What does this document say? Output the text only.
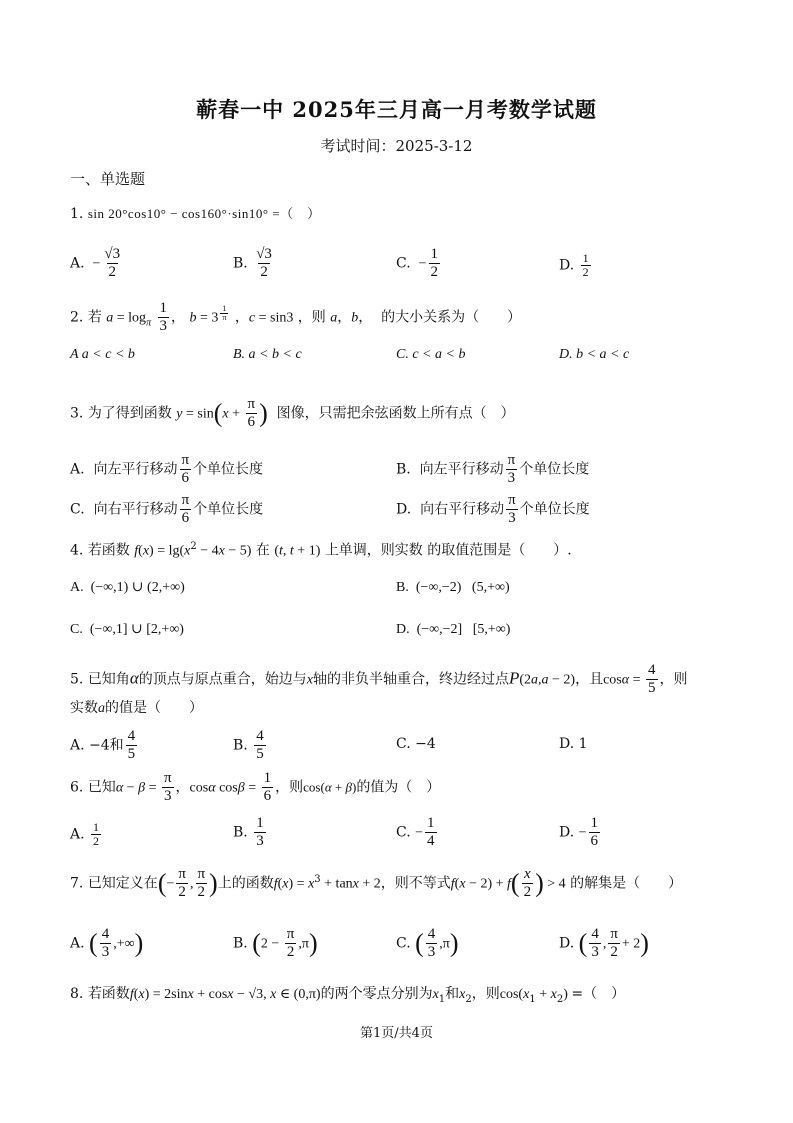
蕲春一中 2025年三月高一月考数学试题
考试时间：2025-3-12
一、单选题
1. sin 20°cos10° − cos160°·sin10° =（　）
A.  − $\frac{√3}{2}$	B. $\frac{√3}{2}$	C.  − $\frac{1}{2}$	D. $\frac{1}{2}$
2. 若 $a = \log_\pi \frac{1}{3}$ ， b = 3 $^{\frac{1}{\pi}}$ ，c = sin3 ，则 a，b，  的大小关系为（　　）
A a < c < b	B. a < b < c	C. c < a < b	D. b < a < c
3. 为了得到函数 $y = \sin(x + \frac{\pi}{6}$ ) 图像，只需把余弦函数上所有点（　）
A.  向左平行移动 $\frac{\pi}{6}$ 个单位长度	B.  向左平行移动 $\frac{\pi}{3}$ 个单位长度
C.  向右平行移动 $\frac{\pi}{6}$ 个单位长度	D.  向右平行移动 $\frac{\pi}{3}$ 个单位长度
4. 若函数 $f(x) = \lg(x^2 - 4x - 5)$ 在 (t, t + 1) 上单调，则实数 的取值范围是（　　）.
A.  (−∞,1) ∪ (2,+∞)	B.  (−∞,−2)   (5,+∞)
C.  (−∞,1] ∪ [2,+∞)	D.  (−∞,−2]   [5,+∞)
5. 已知角α的顶点与原点重合，始边与x轴的非负半轴重合，终边经过点P(2a,a − 2)，且$\cos\alpha = \frac{4}{5}$ ，则
实数a的值是（　　）
A. −4和 $\frac{4}{5}$	B. $\frac{4}{5}$	C. −4	D. 1
6. 已知$\alpha - \beta = \frac{\pi}{3}$ ，cosα $\cos\beta = \frac{1}{6}$ ，则cos(α + β)的值为（　）
A. $\frac{1}{2}$	B. $\frac{1}{3}$	C. − $\frac{1}{4}$	D. − $\frac{1}{6}$
7. 已知定义在(− $\frac{\pi}{2}$ , $\frac{\pi}{2}$ )上的函数$f(x) = x^3 + \tan x + 2$，则不等式$f(x - 2) + f( \frac{x}{2}$ ) > 4 的解集是（　　）
A. ( $\frac{4}{3}$ ,+∞)	B. $(2 - \frac{\pi}{2} ,\pi)$	C. ( $\frac{4}{3} ,\pi$)	D. ( $\frac{4}{3}$ , $\frac{\pi}{2} + 2$)
8. 若函数f(x) = 2sinx + cosx − √3, x ∈ (0,π)的两个零点分别为$x_1$和$x_2$，则$\cos(x_1 + x_2)$ =（　）
第1页/共4页
